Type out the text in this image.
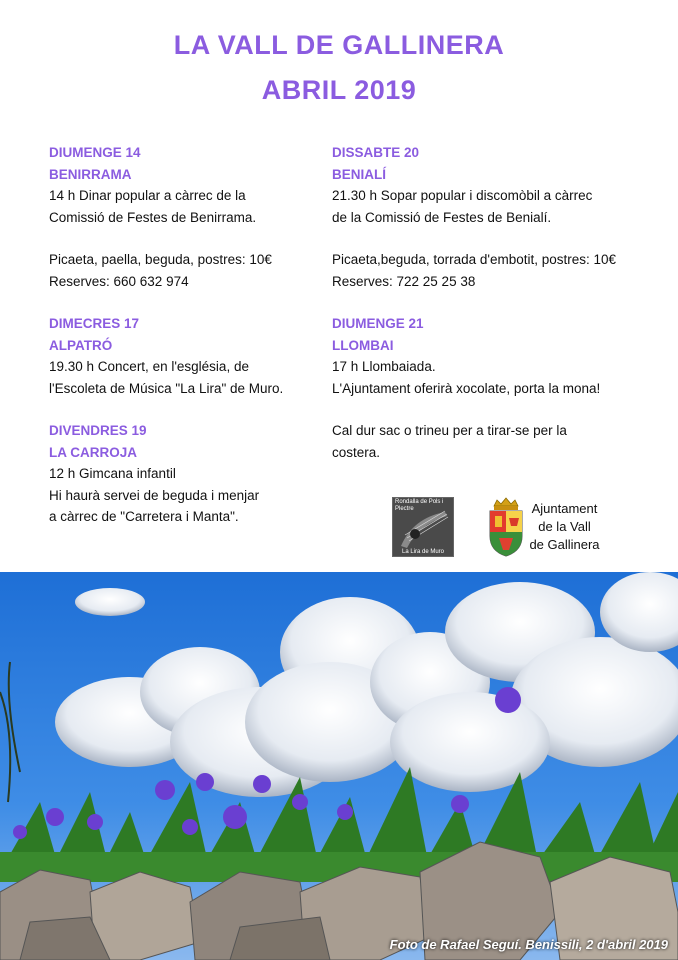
LA VALL DE GALLINERA
ABRIL 2019
DIUMENGE 14
BENIRRAMA
14 h Dinar popular a càrrec de la
Comissió de Festes de Benirrama.
Picaeta, paella, beguda, postres: 10€
Reserves: 660 632 974
DIMECRES 17
ALPATRÓ
19.30 h Concert, en l'església, de
l'Escoleta de Música "La Lira" de Muro.
DIVENDRES 19
LA CARROJA
12 h Gimcana infantil
Hi haurà servei de beguda i menjar
a càrrec de "Carretera i Manta".
DISSABTE 20
BENIALÍ
21.30 h Sopar popular i discomòbil a càrrec
de la Comissió de Festes de Benialí.
Picaeta,beguda, torrada d'embotit, postres: 10€
Reserves: 722 25 25 38
DIUMENGE 21
LLOMBAI
17 h Llombaiada.
L'Ajuntament oferirà xocolate, porta la mona!
Cal dur sac o trineu per a tirar-se per la
costera.
Rondalla de Pols i Plectre
La Lira de Muro
Ajuntament
de la Vall
de Gallinera
Foto de Rafael Seguí. Benissili, 2 d'abril 2019
